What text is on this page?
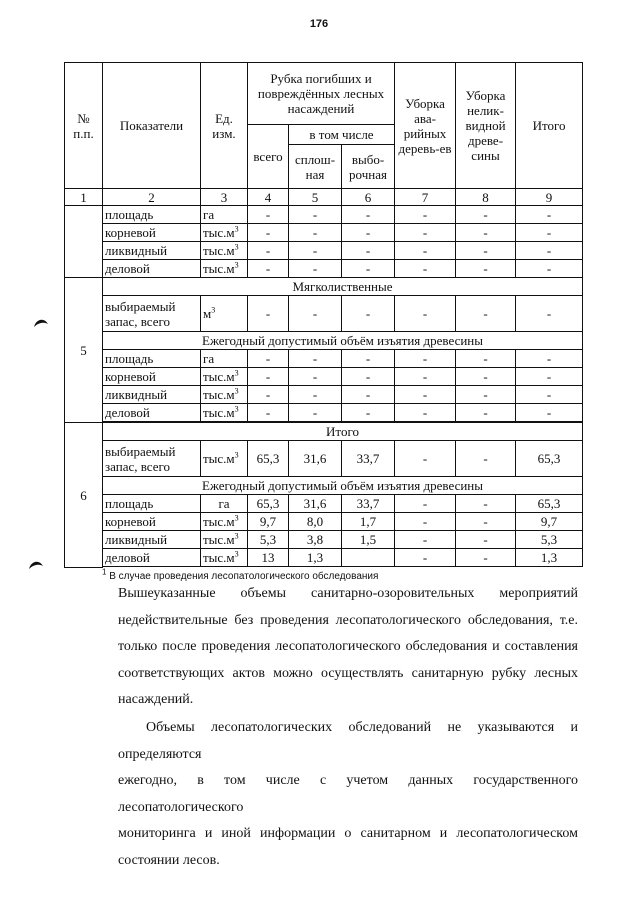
176
№ п.п.	Показатели	Ед. изм.	Рубка погибших и повреждённых лесных насаждений			Уборка ава-рийных деревь-ев	Уборка нелик-видной древе-сины	Итого
			всего	в том числе				
				сплош-ная	выбо-рочная			
1	2	3	4	5	6	7	8	9
	площадь	га	-	-	-	-	-	-
	корневой	$тыс.м^3$	-	-	-	-	-	-
	ликвидный	$тыс.м^3$	-	-	-	-	-	-
	деловой	$тыс.м^3$	-	-	-	-	-	-
5	Мягколиственные							
	выбираемый запас, всего	$м^3$	-	-	-	-	-	-
	Ежегодный допустимый объём изъятия древесины							
	площадь	га	-	-	-	-	-	-
	корневой	$тыс.м^3$	-	-	-	-	-	-
	ликвидный	$тыс.м^3$	-	-	-	-	-	-
	деловой	$тыс.м^3$	-	-	-	-	-	-

6	Итого							
	выбираемый запас, всего	$тыс.м^3$	65,3	31,6	33,7	-	-	65,3
	Ежегодный допустимый объём изъятия древесины							
	площадь	га	65,3	31,6	33,7	-	-	65,3
	корневой	$тыс.м^3$	9,7	8,0	1,7	-	-	9,7
	ликвидный	$тыс.м^3$	5,3	3,8	1,5	-	-	5,3
	деловой	$тыс.м^3$	13	1,3		-	-	1,3

$^1$ В случае проведения лесопатологического обследования

Вышеуказанные объемы санитарно-озоровительных мероприятий
недействительные без проведения лесопатологического обследования, т.е.
только после проведения лесопатологического обследования и составления
соответствующих актов можно осуществлять санитарную рубку лесных
насаждений.

Объемы лесопатологических обследований не указываются и определяются
ежегодно, в том числе с учетом данных государственного лесопатологического
мониторинга и иной информации о санитарном и лесопатологическом
состоянии лесов.
